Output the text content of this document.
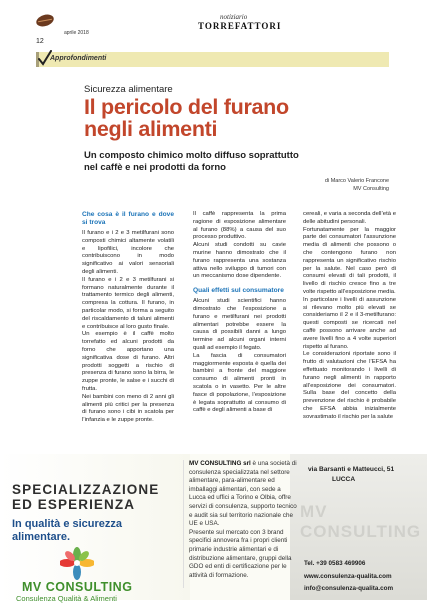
aprile 2018
12
notiziario
TORREFATTORI
Approfondimenti
Sicurezza alimentare
Il pericolo del furano
negli alimenti
Un composto chimico molto diffuso soprattutto
nel caffè e nei prodotti da forno
di Marco Valerio Francone
MV Consulting
Che cosa è il furano e dove si trova

Il furano e i 2 e 3 metilfurani sono composti chimici altamente volatili e lipofilici, incolore che contribuiscono in modo significativo ai valori sensoriali degli alimenti.

Il furano e i 2 e 3 metilfurani si formano naturalmente durante il trattamento termico degli alimenti, compresa la cottura. Il furano, in particolar modo, si forma a seguito del riscaldamento di taluni alimenti e contribuisce al loro gusto finale.

Un esempio è il caffè molto torrefatto ed alcuni prodotti da forno che apportano una significativa dose di furano. Altri prodotti soggetti a rischio di presenza di furano sono la birra, le zuppe pronte, le salse e i succhi di frutta.

Nei bambini con meno di 2 anni gli alimenti più critici per la presenza di furano sono i cibi in scatola per l’infanzia e le zuppe pronte.

Il caffè rappresenta la prima ragione di esposizione alimentare al furano (88%) a causa del suo processo produttivo.

Alcuni studi condotti su cavie murine hanno dimostrato che il furano rappresenta una sostanza attiva nello sviluppo di tumori con un meccanismo dose dipendente.

Quali effetti sul consumatore

Alcuni studi scientifici hanno dimostrato che l’esposizione a furano e metilfurani nei prodotti alimentari potrebbe essere la causa di possibili danni a lungo termine ad alcuni organi interni quali ad esempio il fegato.

La fascia di consumatori maggiormente esposta è quella dei bambini a fronte del maggiore consumo di alimenti pronti in scatola o in vasetto. Per le altre fasce di popolazione, l’esposizione è legata soprattutto al consumo di caffè e degli alimenti a base di

cereali, e varia a seconda dell’età e delle abitudini personali.

Fortunatamente per la maggior parte dei consumatori l’assunzione media di alimenti che possono o che contengono furano non rappresenta un significativo rischio per la salute. Nel caso però di consumi elevati di tali prodotti, il livello di rischio cresce fino a tre volte rispetto all’esposizione media.

In particolare i livelli di assunzione si rilevano molto più elevati se consideriamo il 2 e il 3-metilfurano: questi composti se ricercati nel caffè possono arrivare anche ad avere livelli fino a 4 volte superiori rispetto al furano.

Le considerazioni riportate sono il frutto di valutazioni che l’EFSA ha effettuato monitorando i livelli di furano negli alimenti in rapporto all’esposizione dei consumatori. Sulla base del concetto della prevenzione del rischio è probabile che EFSA abbia inizialmente sovrastimato il rischio per la salute

MV CONSULTING
SPECIALIZZAZIONE
ED ESPERIENZA
In qualità e sicurezza
alimentare.
MV CONSULTING
Consulenza Qualità & Alimenti
MV CONSULTING srl è una società di consulenza specializzata nel settore alimentare, para-alimentare ed imballaggi alimentari, con sede a Lucca ed uffici a Torino e Olbia, offre servizi di consulenza, supporto tecnico e audit sia sul territorio nazionale che UE e USA.
Presente sul mercato con 3 brand specifici annovera fra i propri clienti primarie industrie alimentari e di distribuzione alimentare, gruppi della GDO ed enti di certificazione per le attività di formazione.
via Barsanti e Matteucci, 51
LUCCA
Tel. +39 0583 469906
www.consulenza-qualita.com
info@consulenza-qualita.com
